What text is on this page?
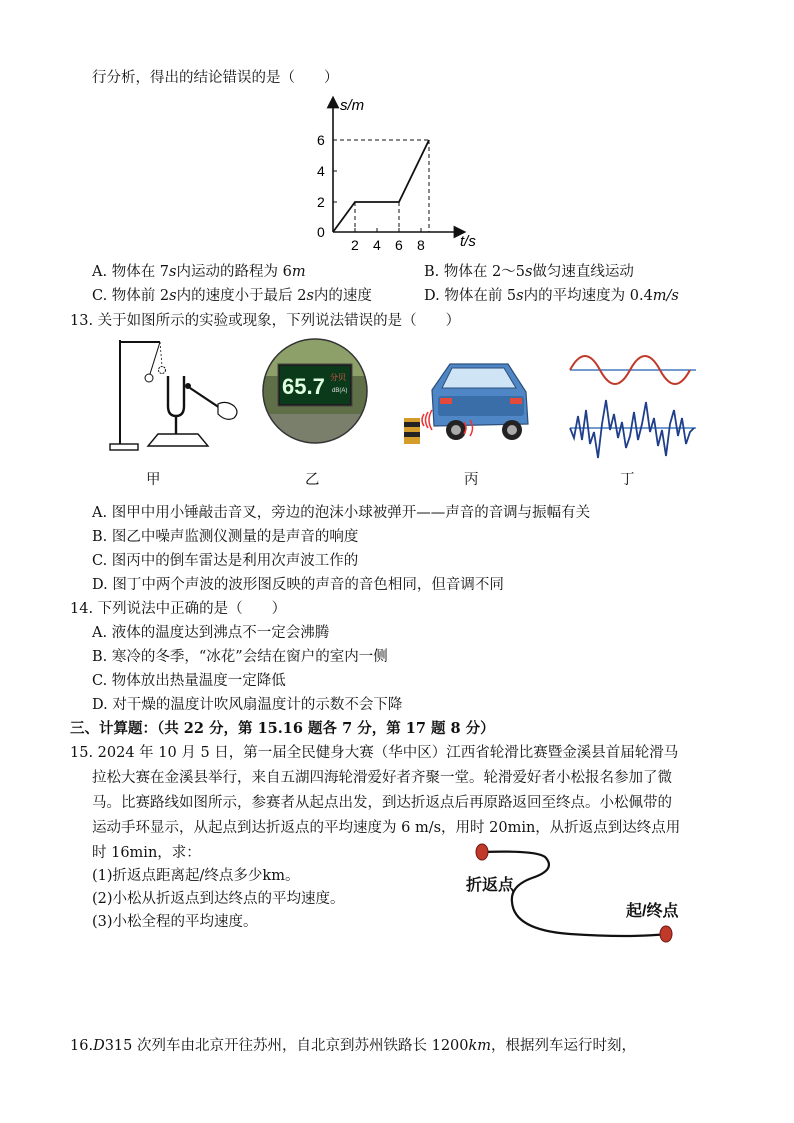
行分析，得出的结论错误的是（　　）
s/m
t/s
6
4
2
0
2 4 6 8
A. 物体在 7s内运动的路程为 6m	B. 物体在 2～5s做匀速直线运动
C. 物体前 2s内的速度小于最后 2s内的速度	D. 物体在前 5s内的平均速度为 0.4m/s
13. 关于如图所示的实验或现象，下列说法错误的是（　　）
甲
65.7 分贝
dB(A)
乙	丙	丁
A. 图甲中用小锤敲击音叉，旁边的泡沫小球被弹开——声音的音调与振幅有关
B. 图乙中噪声监测仪测量的是声音的响度
C. 图丙中的倒车雷达是利用次声波工作的
D. 图丁中两个声波的波形图反映的声音的音色相同，但音调不同
14. 下列说法中正确的是（　　）
A. 液体的温度达到沸点不一定会沸腾
B. 寒冷的冬季，“冰花”会结在窗户的室内一侧
C. 物体放出热量温度一定降低
D. 对干燥的温度计吹风扇温度计的示数不会下降
三、计算题：（共 22 分，第 15.16 题各 7 分，第 17 题 8 分）
15. 2024 年 10 月 5 日，第一届全民健身大赛（华中区）江西省轮滑比赛暨金溪县首届轮滑马
拉松大赛在金溪县举行，来自五湖四海轮滑爱好者齐聚一堂。轮滑爱好者小松报名参加了微
马。比赛路线如图所示，参赛者从起点出发，到达折返点后再原路返回至终点。小松佩带的
运动手环显示，从起点到达折返点的平均速度为 6 m/s，用时 20min，从折返点到达终点用
时 16min，求：
(1)折返点距离起/终点多少km。
(2)小松从折返点到达终点的平均速度。
(3)小松全程的平均速度。
折返点
起/终点
16.D315 次列车由北京开往苏州，自北京到苏州铁路长 1200km，根据列车运行时刻，
